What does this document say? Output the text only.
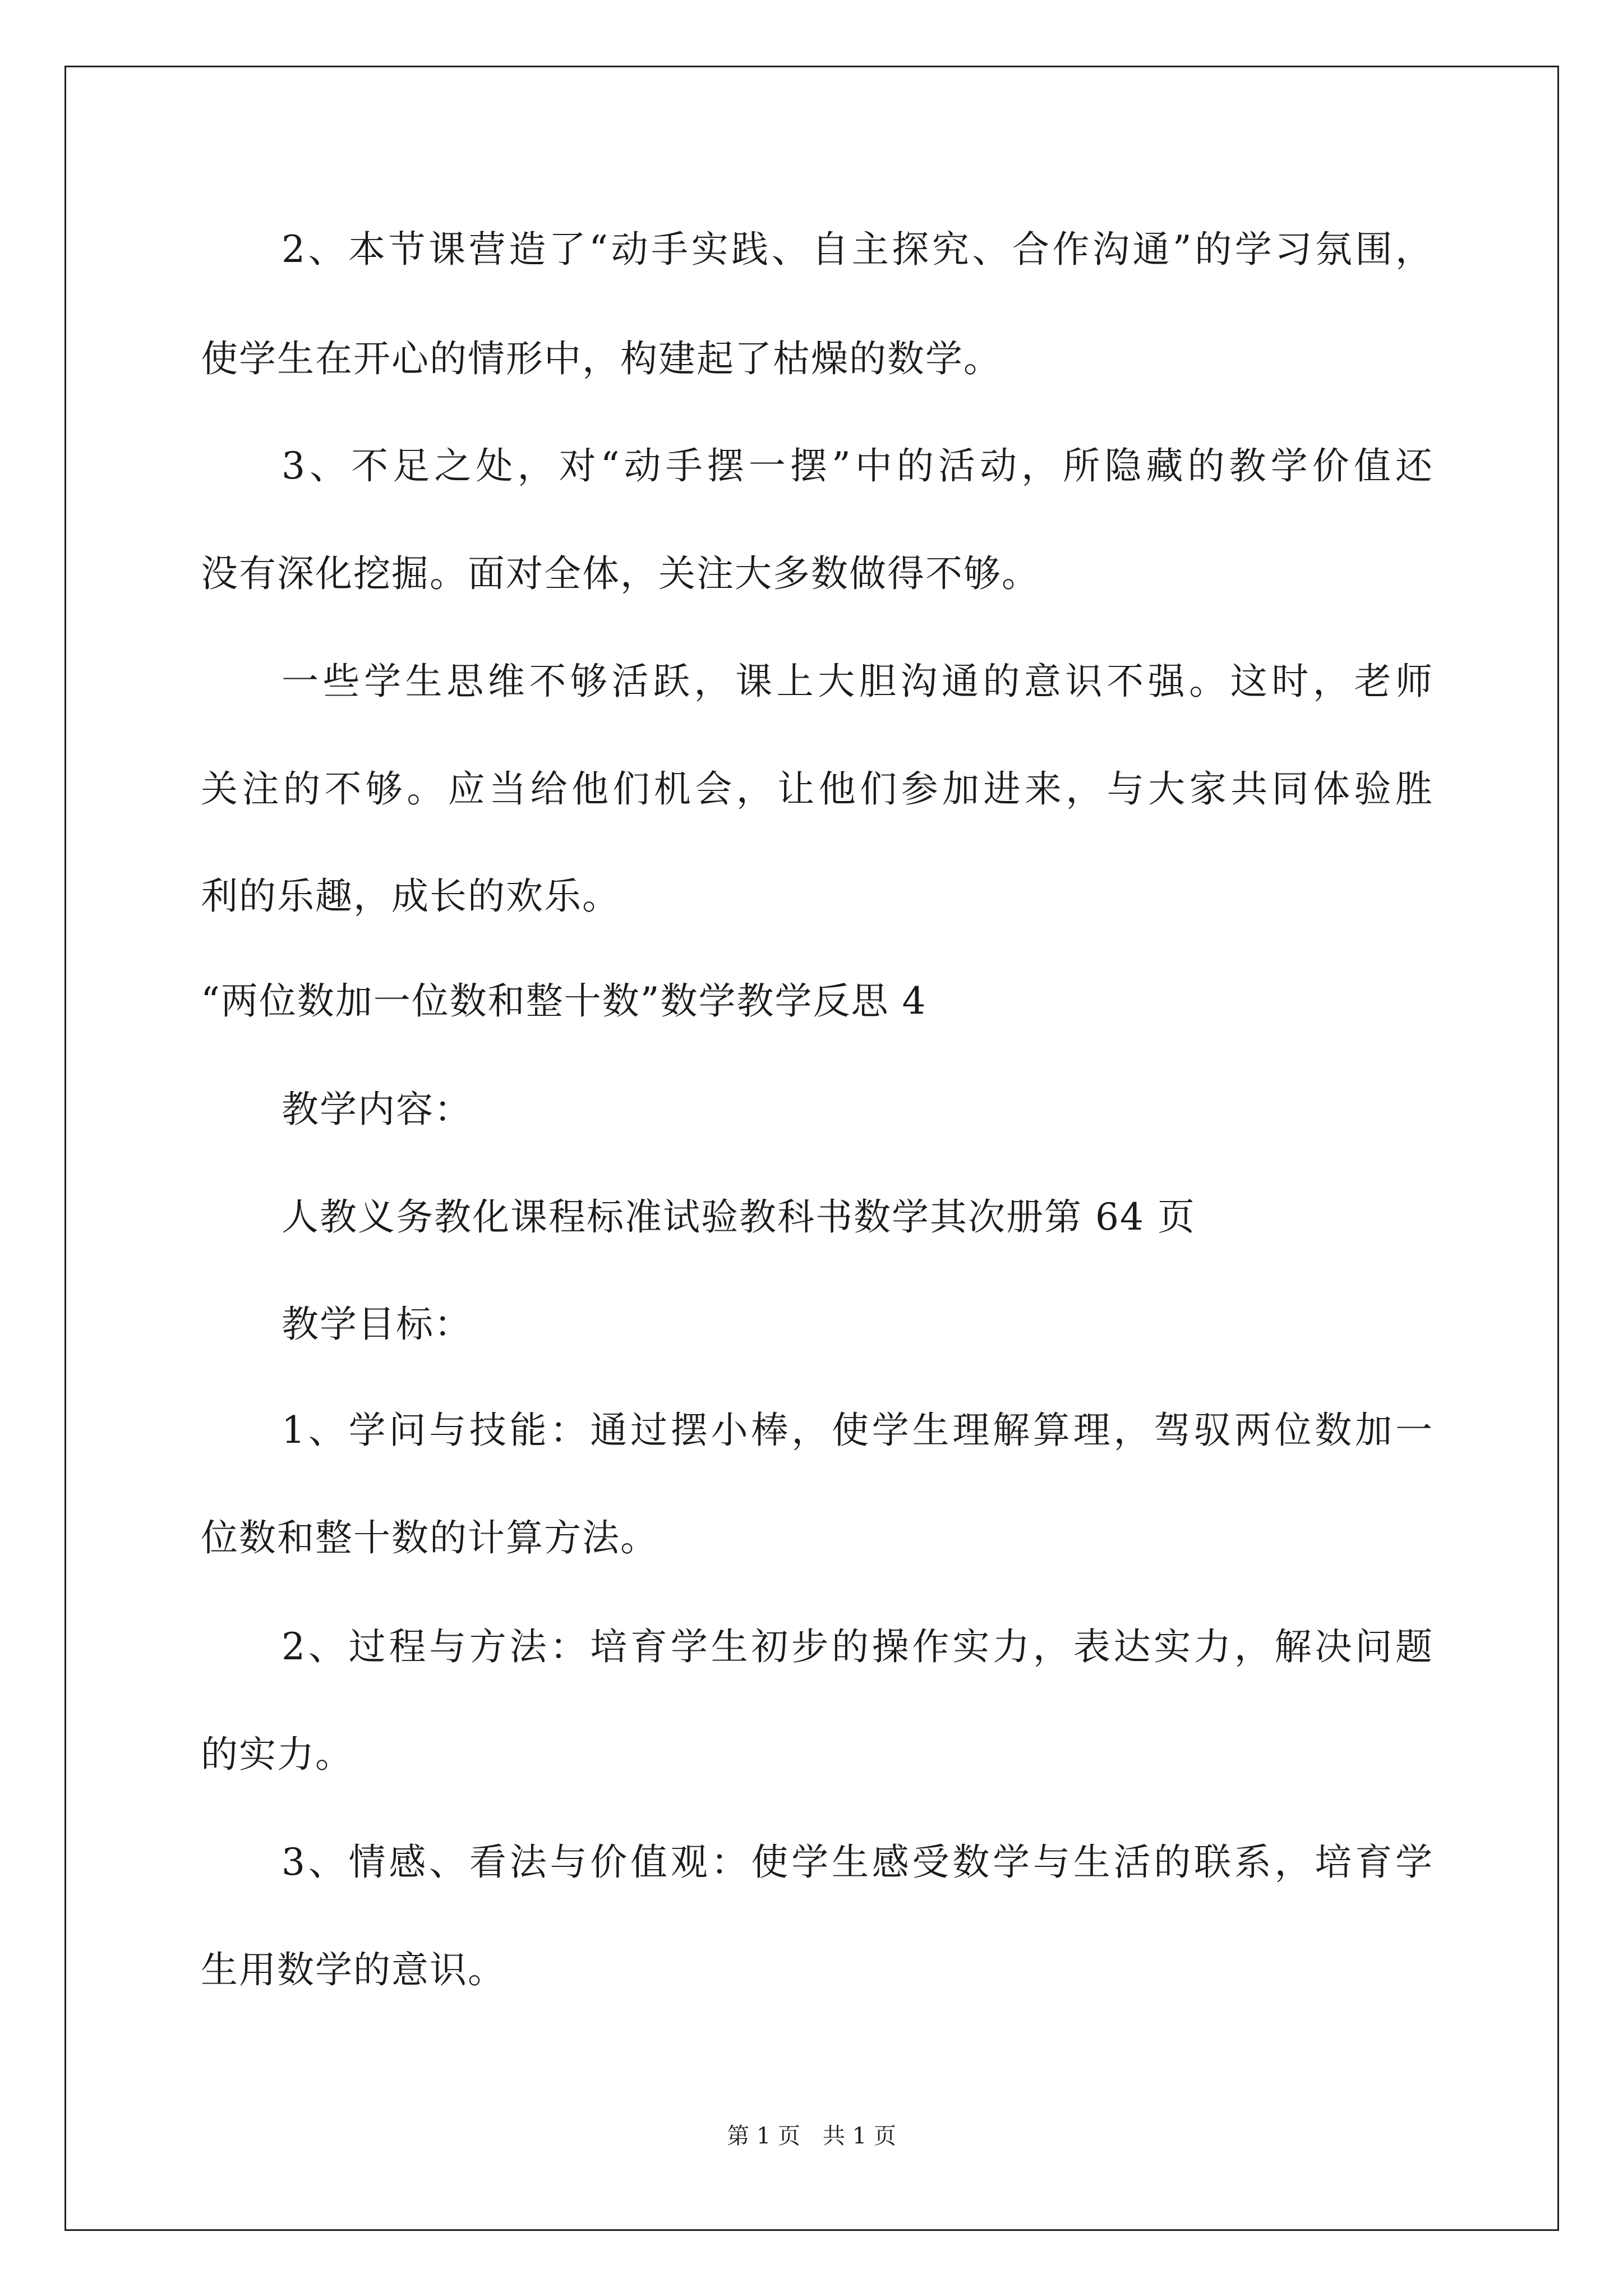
2、本节课营造了“动手实践、自主探究、合作沟通”的学习氛围，
使学生在开心的情形中，构建起了枯燥的数学。
3、不足之处，对“动手摆一摆”中的活动，所隐藏的教学价值还
没有深化挖掘。面对全体，关注大多数做得不够。
一些学生思维不够活跃，课上大胆沟通的意识不强。这时，老师
关注的不够。应当给他们机会，让他们参加进来，与大家共同体验胜
利的乐趣，成长的欢乐。
“两位数加一位数和整十数”数学教学反思 4
教学内容：
人教义务教化课程标准试验教科书数学其次册第 64 页
教学目标：
1、学问与技能：通过摆小棒，使学生理解算理，驾驭两位数加一
位数和整十数的计算方法。
2、过程与方法：培育学生初步的操作实力，表达实力，解决问题
的实力。
3、情感、看法与价值观：使学生感受数学与生活的联系，培育学
生用数学的意识。
第 1 页　共 1 页
